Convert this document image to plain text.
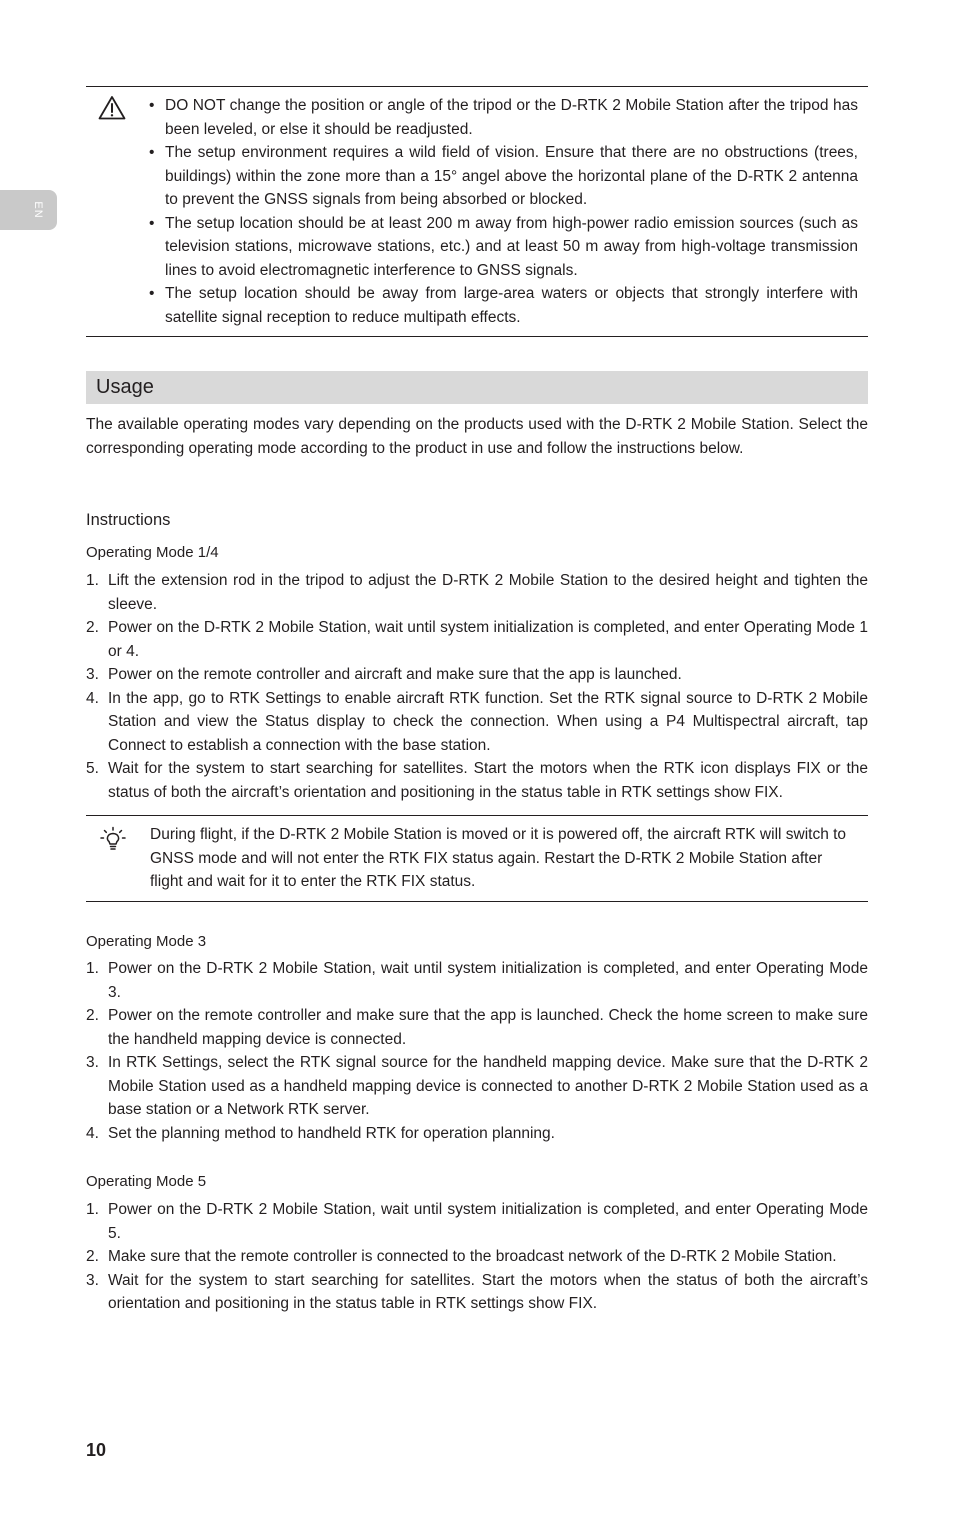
EN
• DO NOT change the position or angle of the tripod or the D-RTK 2 Mobile Station after the tripod has been leveled, or else it should be readjusted.
• The setup environment requires a wild field of vision. Ensure that there are no obstructions (trees, buildings) within the zone more than a 15° angel above the horizontal plane of the D-RTK 2 antenna to prevent the GNSS signals from being absorbed or blocked.
• The setup location should be at least 200 m away from high-power radio emission sources (such as television stations, microwave stations, etc.) and at least 50 m away from high-voltage transmission lines to avoid electromagnetic interference to GNSS signals.
• The setup location should be away from large-area waters or objects that strongly interfere with satellite signal reception to reduce multipath effects.
Usage

The available operating modes vary depending on the products used with the D-RTK 2 Mobile Station. Select the corresponding operating mode according to the product in use and follow the instructions below.

Instructions
Operating Mode 1/4
1. Lift the extension rod in the tripod to adjust the D-RTK 2 Mobile Station to the desired height and tighten the sleeve.
2. Power on the D-RTK 2 Mobile Station, wait until system initialization is completed, and enter Operating Mode 1 or 4.
3. Power on the remote controller and aircraft and make sure that the app is launched.
4. In the app, go to RTK Settings to enable aircraft RTK function. Set the RTK signal source to D-RTK 2 Mobile Station and view the Status display to check the connection. When using a P4 Multispectral aircraft, tap Connect to establish a connection with the base station.
5. Wait for the system to start searching for satellites. Start the motors when the RTK icon displays FIX or the status of both the aircraft’s orientation and positioning in the status table in RTK settings show FIX.

During flight, if the D-RTK 2 Mobile Station is moved or it is powered off, the aircraft RTK will switch to GNSS mode and will not enter the RTK FIX status again. Restart the D-RTK 2 Mobile Station after flight and wait for it to enter the RTK FIX status.

Operating Mode 3
1. Power on the D-RTK 2 Mobile Station, wait until system initialization is completed, and enter Operating Mode 3.
2. Power on the remote controller and make sure that the app is launched. Check the home screen to make sure the handheld mapping device is connected.
3. In RTK Settings, select the RTK signal source for the handheld mapping device. Make sure that the D-RTK 2 Mobile Station used as a handheld mapping device is connected to another D-RTK 2 Mobile Station used as a base station or a Network RTK server.
4. Set the planning method to handheld RTK for operation planning.
Operating Mode 5
1. Power on the D-RTK 2 Mobile Station, wait until system initialization is completed, and enter Operating Mode 5.
2. Make sure that the remote controller is connected to the broadcast network of the D-RTK 2 Mobile Station.
3. Wait for the system to start searching for satellites. Start the motors when the status of both the aircraft’s orientation and positioning in the status table in RTK settings show FIX.
10
